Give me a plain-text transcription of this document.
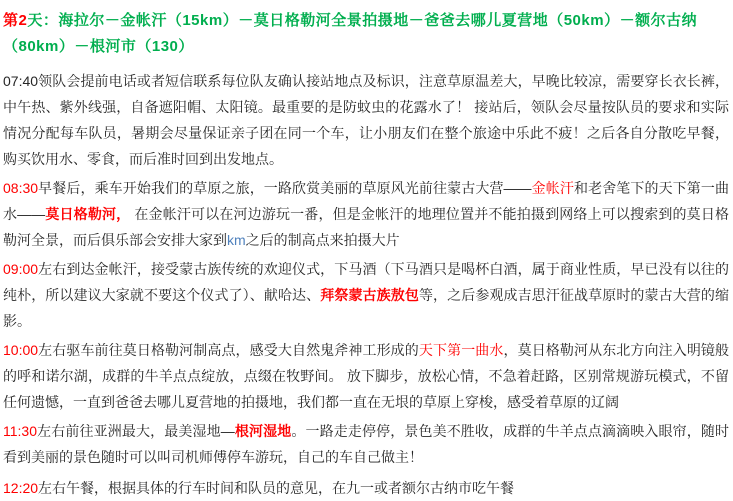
第2天：海拉尔－金帐汗（15km）－莫日格勒河全景拍摄地－爸爸去哪儿夏营地（50km）－额尔古纳（80km）－根河市（130）
07:40领队会提前电话或者短信联系每位队友确认接站地点及标识，注意草原温差大，早晚比较凉，需要穿长衣长裤，中午热、紫外线强，自备遮阳帽、太阳镜。最重要的是防蚊虫的花露水了！ 接站后，领队会尽量按队员的要求和实际情况分配每车队员，暑期会尽量保证亲子团在同一个车，让小朋友们在整个旅途中乐此不疲！之后各自分散吃早餐，购买饮用水、零食，而后准时回到出发地点。
08:30早餐后，乘车开始我们的草原之旅，一路欣赏美丽的草原风光前往蒙古大营——金帐汗和老舍笔下的天下第一曲水——莫日格勒河， 在金帐汗可以在河边游玩一番，但是金帐汗的地理位置并不能拍摄到网络上可以搜索到的莫日格勒河全景，而后俱乐部会安排大家到km之后的制高点来拍摄大片
09:00左右到达金帐汗，接受蒙古族传统的欢迎仪式，下马酒（下马酒只是喝杯白酒，属于商业性质，早已没有以往的纯朴，所以建议大家就不要这个仪式了）、献哈达、拜祭蒙古族敖包等，之后参观成吉思汗征战草原时的蒙古大营的缩影。
10:00左右驱车前往莫日格勒河制高点，感受大自然鬼斧神工形成的天下第一曲水，莫日格勒河从东北方向注入明镜般的呼和诺尔湖，成群的牛羊点点绽放，点缀在牧野间。 放下脚步，放松心情，不急着赶路，区别常规游玩模式，不留任何遗憾，一直到爸爸去哪儿夏营地的拍摄地，我们都一直在无垠的草原上穿梭，感受着草原的辽阔
11:30左右前往亚洲最大，最美湿地—根河湿地。一路走走停停，景色美不胜收，成群的牛羊点点滴滴映入眼帘，随时看到美丽的景色随时可以叫司机师傅停车游玩，自己的车自己做主！
12:20左右午餐，根据具体的行车时间和队员的意见，在九一或者额尔古纳市吃午餐
